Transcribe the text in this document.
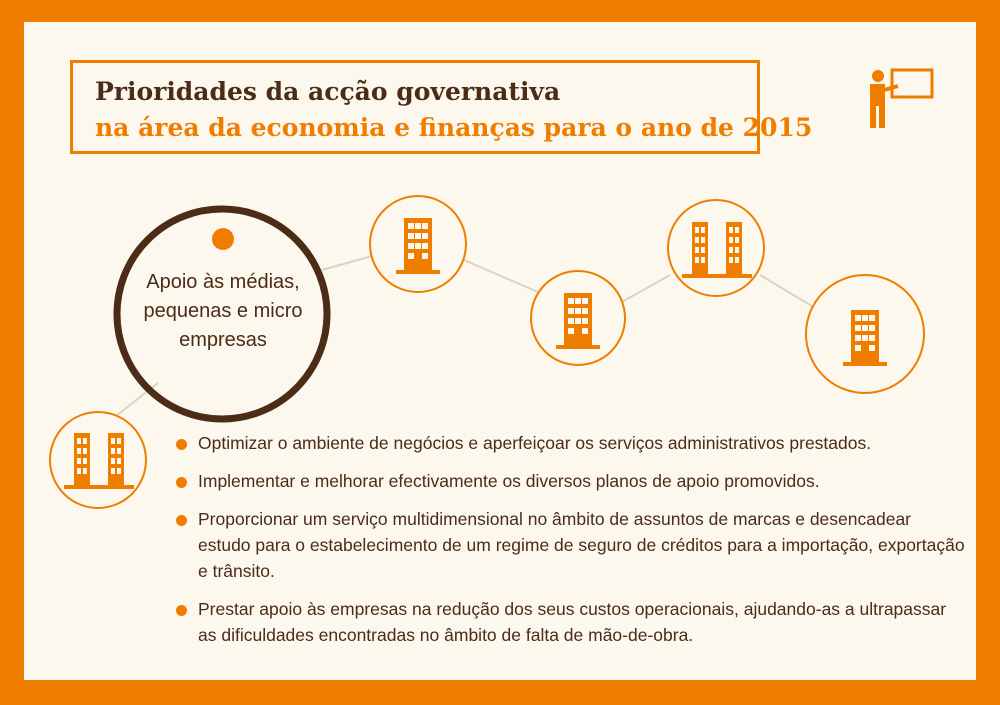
Prioridades da acção governativa
na área da economia e finanças para o ano de 2015
Apoio às médias, pequenas e micro empresas
Optimizar o ambiente de negócios e aperfeiçoar os serviços administrativos prestados.
Implementar e melhorar efectivamente os diversos planos de apoio promovidos.
Proporcionar um serviço multidimensional no âmbito de assuntos de marcas e desencadear estudo para o estabelecimento de um regime de seguro de créditos para a importação, exportação e trânsito.
Prestar apoio às empresas na redução dos seus custos operacionais, ajudando-as a ultrapassar as dificuldades encontradas no âmbito de falta de mão-de-obra.
